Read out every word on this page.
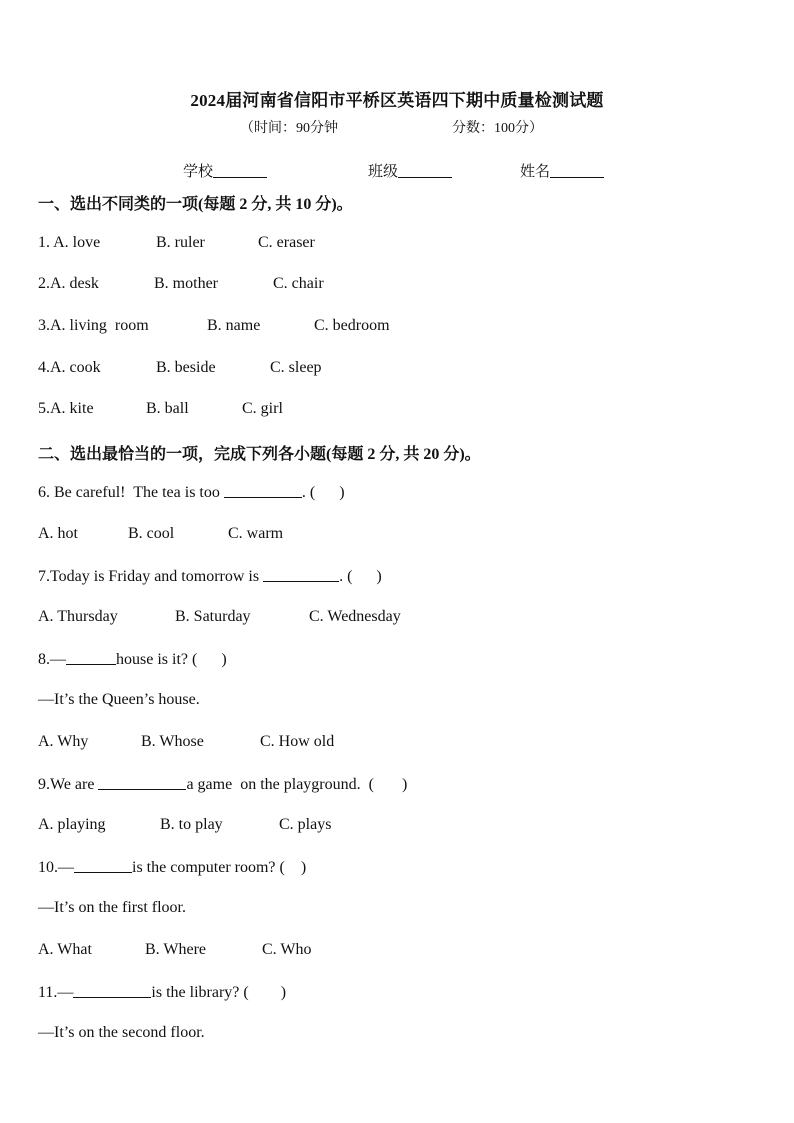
2024届河南省信阳市平桥区英语四下期中质量检测试题
（时间：90分钟	分数：100分）
学校	班级	姓名
一、选出不同类的一项(每题 2 分, 共 10 分)。
1. A. love	B. ruler	C. eraser
2.A. desk	B. mother	C. chair
3.A. living  room	B. name	C. bedroom
4.A. cook	B. beside	C. sleep
5.A. kite	B. ball	C. girl
二、选出最恰当的一项，完成下列各小题(每题 2 分, 共 20 分)。
6. Be careful!  The tea is too	. (      )
A. hot	B. cool	C. warm
7.Today is Friday and tomorrow is	. (      )
A. Thursday	B. Saturday	C. Wednesday
8.—	house is it? (      )
—It’s the Queen’s house.
A. Why	B. Whose	C. How old
9.We are	a game  on the playground.  (       )
A. playing	B. to play	C. plays
10.—	is the computer room? (    )
—It’s on the first floor.
A. What	B. Where	C. Who
11.—	is the library? (        )
—It’s on the second floor.
